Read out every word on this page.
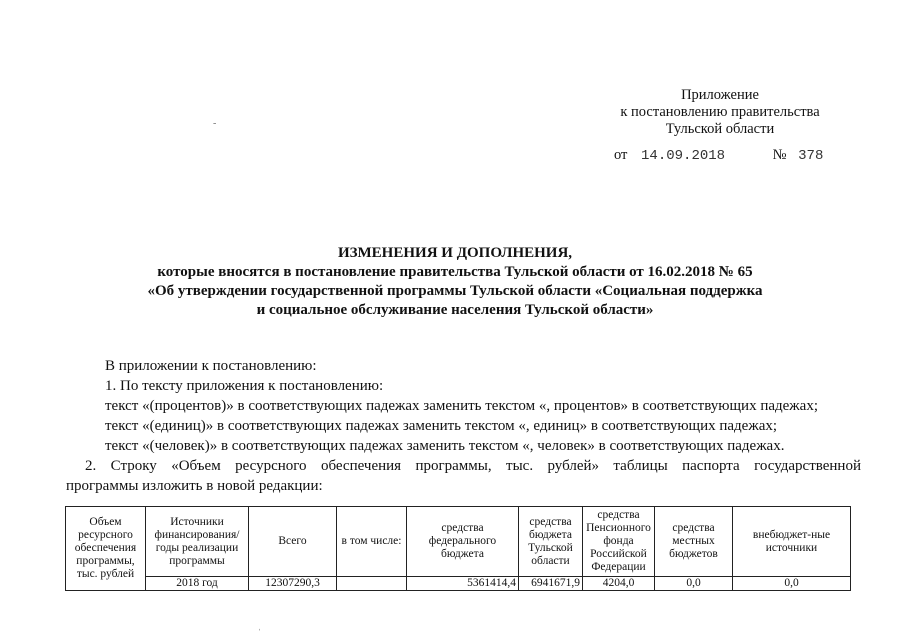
Приложение
к постановлению правительства
Тульской области
от 14.09.2018	№ 378
ИЗМЕНЕНИЯ И ДОПОЛНЕНИЯ,
которые вносятся в постановление правительства Тульской области от 16.02.2018 № 65
«Об утверждении государственной программы Тульской области «Социальная поддержка
и социальное обслуживание населения Тульской области»

В приложении к постановлению:

1. По тексту приложения к постановлению:

текст «(процентов)» в соответствующих падежах заменить текстом «, процентов» в соответствующих падежах;

текст «(единиц)» в соответствующих падежах заменить текстом «, единиц» в соответствующих падежах;

текст «(человек)» в соответствующих падежах заменить текстом «, человек» в соответствующих падежах.

2. Строку «Объем ресурсного обеспечения программы, тыс. рублей» таблицы паспорта государственной

программы изложить в новой редакции:

Объем ресурсного обеспечения программы, тыс. рублей	Источники финансирования/ годы реализации программы	Всего	в том числе:	средства федерального бюджета	средства бюджета Тульской области	средства Пенсионного фонда Российской Федерации	средства местных бюджетов	внебюджет-ные источники
	2018 год	12307290,3		5361414,4	6941671,9	4204,0	0,0	0,0
-
ˌ
